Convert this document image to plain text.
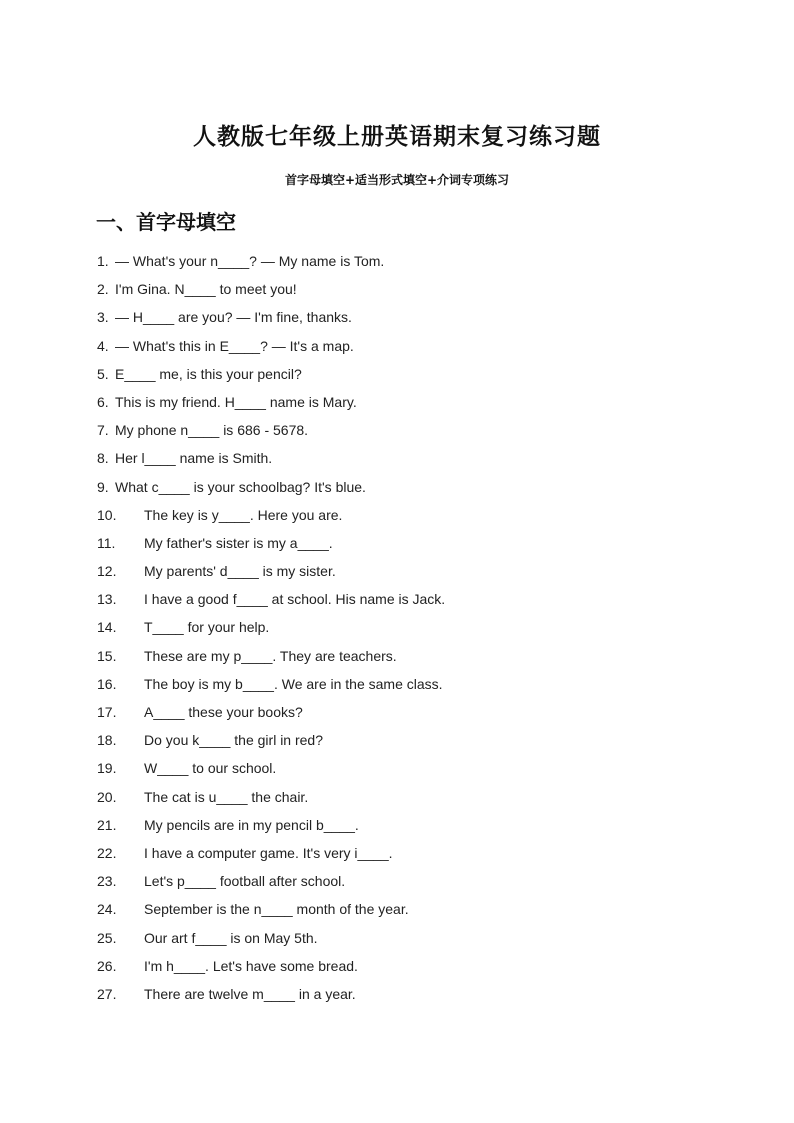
人教版七年级上册英语期末复习练习题
首字母填空+适当形式填空+介词专项练习
一、首字母填空
1. — What's your n____? — My name is Tom.
2. I'm Gina. N____ to meet you!
3. — H____ are you? — I'm fine, thanks.
4. — What's this in E____? — It's a map.
5. E____ me, is this your pencil?
6. This is my friend. H____ name is Mary.
7. My phone n____ is 686 - 5678.
8. Her l____ name is Smith.
9. What c____ is your schoolbag? It's blue.
10.	The key is y____. Here you are.
11.	My father's sister is my a____.
12.	My parents' d____ is my sister.
13.	I have a good f____ at school. His name is Jack.
14.	T____ for your help.
15.	These are my p____. They are teachers.
16.	The boy is my b____. We are in the same class.
17.	A____ these your books?
18.	Do you k____ the girl in red?
19.	W____ to our school.
20.	The cat is u____ the chair.
21.	My pencils are in my pencil b____.
22.	I have a computer game. It's very i____.
23.	Let's p____ football after school.
24.	September is the n____ month of the year.
25.	Our art f____ is on May 5th.
26.	I'm h____. Let's have some bread.
27.	There are twelve m____ in a year.
